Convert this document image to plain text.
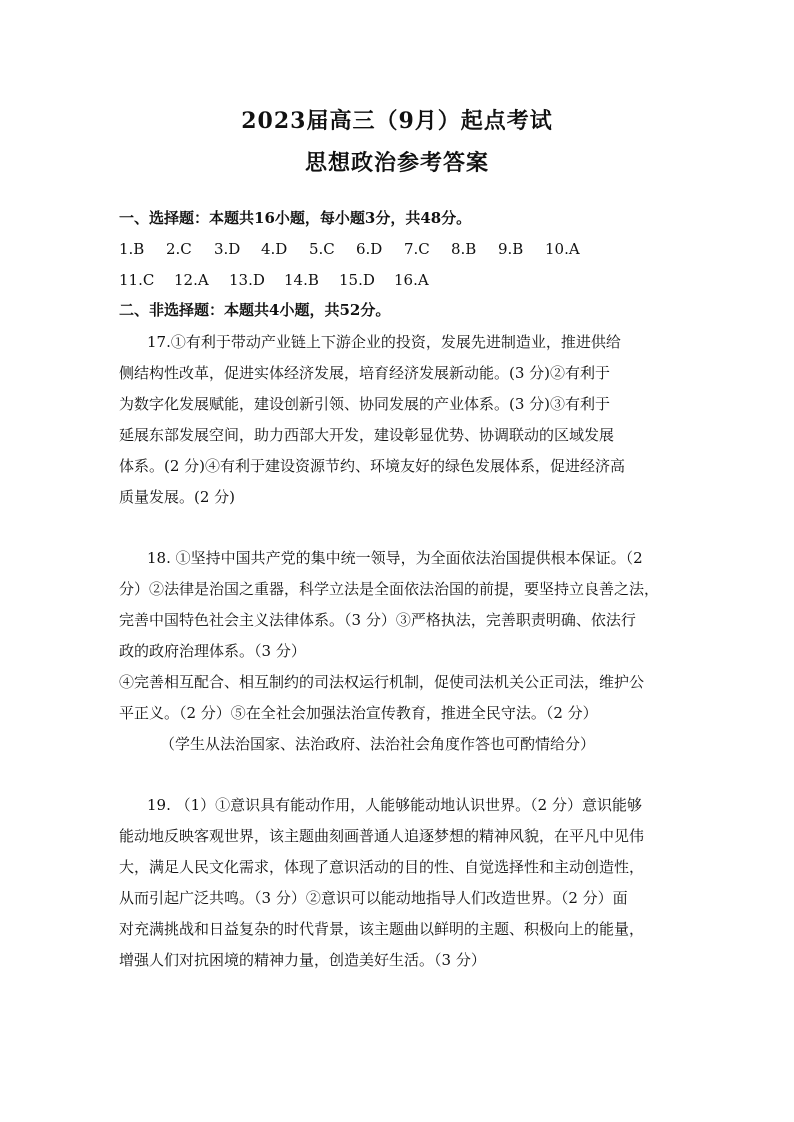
2023届高三（9月）起点考试
思想政治参考答案
一、选择题：本题共16小题，每小题3分，共48分。
1.B 2.C 3.D 4.D 5.C 6.D 7.C 8.B 9.B 10.A
11.C 12.A 13.D 14.B 15.D 16.A
二、非选择题：本题共4小题，共52分。
17.①有利于带动产业链上下游企业的投资，发展先进制造业，推进供给
侧结构性改革，促进实体经济发展，培育经济发展新动能。(3 分)②有利于
为数字化发展赋能，建设创新引领、协同发展的产业体系。(3 分)③有利于
延展东部发展空间，助力西部大开发，建设彰显优势、协调联动的区域发展
体系。(2 分)④有利于建设资源节约、环境友好的绿色发展体系，促进经济高
质量发展。(2 分)
18. ①坚持中国共产党的集中统一领导，为全面依法治国提供根本保证。（2
分）②法律是治国之重器，科学立法是全面依法治国的前提，要坚持立良善之法，
完善中国特色社会主义法律体系。（3 分）③严格执法，完善职责明确、依法行
政的政府治理体系。（3 分）
④完善相互配合、相互制约的司法权运行机制，促使司法机关公正司法，维护公
平正义。（2 分）⑤在全社会加强法治宣传教育，推进全民守法。（2 分）
（学生从法治国家、法治政府、法治社会角度作答也可酌情给分）
19. （1）①意识具有能动作用，人能够能动地认识世界。（2 分）意识能够
能动地反映客观世界，该主题曲刻画普通人追逐梦想的精神风貌，在平凡中见伟
大，满足人民文化需求，体现了意识活动的目的性、自觉选择性和主动创造性，
从而引起广泛共鸣。（3 分）②意识可以能动地指导人们改造世界。（2 分）面
对充满挑战和日益复杂的时代背景，该主题曲以鲜明的主题、积极向上的能量，
增强人们对抗困境的精神力量，创造美好生活。（3 分）
